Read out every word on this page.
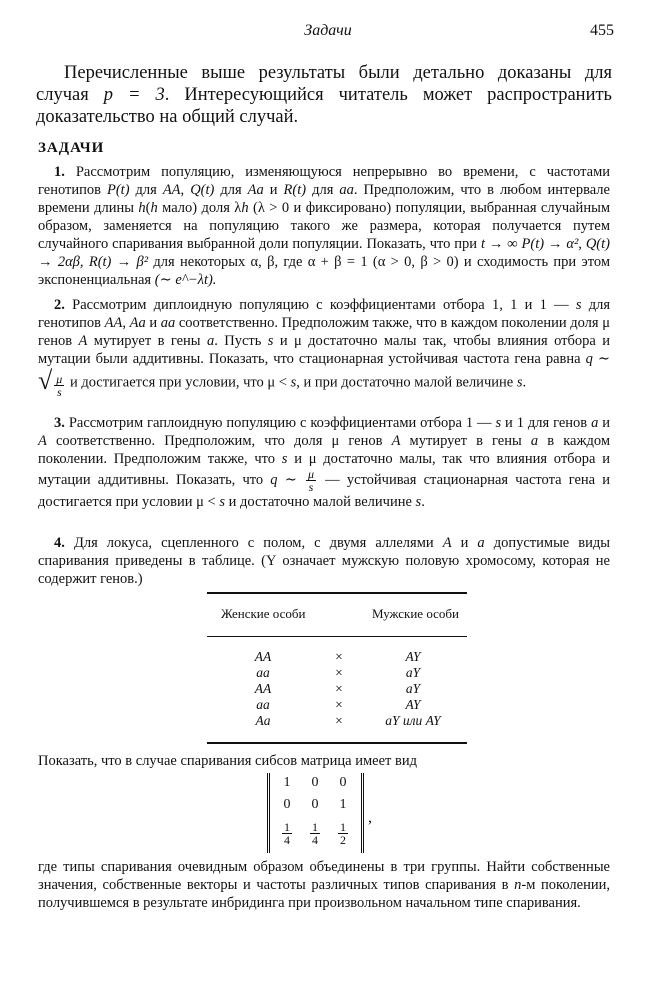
Задачи	455

Перечисленные выше результаты были детально доказаны для случая p = 3. Интересующийся читатель может распространить доказательство на общий случай.

ЗАДАЧИ

1. Рассмотрим популяцию, изменяющуюся непрерывно во времени, с частотами генотипов P(t) для AA, Q(t) для Aa и R(t) для aa. Предположим, что в любом интервале времени длины h(h мало) доля λh (λ > 0 и фиксировано) популяции, выбранная случайным образом, заменяется на популяцию такого же размера, которая получается путем случайного спаривания выбранной доли популяции. Показать, что при t → ∞ P(t) → α², Q(t) → 2αβ, R(t) → β² для некоторых α, β, где α + β = 1 (α > 0, β > 0) и сходимость при этом экспоненциальная (∼ e^−λt).

2. Рассмотрим диплоидную популяцию с коэффициентами отбора 1, 1 и 1 — s для генотипов AA, Aa и aa соответственно. Предположим также, что в каждом поколении доля μ генов A мутирует в гены a. Пусть s и μ достаточно малы так, чтобы влияния отбора и мутации были аддитивны. Показать, что стационарная устойчивая частота гена равна q ∼ √ $\frac{\mu}{s}$ и достигается при условии, что μ < s, и при достаточно малой величине s.

3. Рассмотрим гаплоидную популяцию с коэффициентами отбора 1 — s и 1 для генов a и A соответственно. Предположим, что доля μ генов A мутирует в гены a в каждом поколении. Предположим также, что s и μ достаточно малы, так что влияния отбора и мутации аддитивны. Показать, что q ∼ $\frac{\mu}{s}$ — устойчивая стационарная частота гена и достигается при условии μ < s и достаточно малой величине s.

4. Для локуса, сцепленного с полом, с двумя аллелями A и a допустимые виды спаривания приведены в таблице. (Y означает мужскую половую хромосому, которая не содержит генов.)

Женские особи		Мужские особи

AA	×	AY
aa	×	aY
AA	×	aY
aa	×	AY
Aa	×	aY или AY

Показать, что в случае спаривания сибсов матрица имеет вид

1	0	0
0	0	1
$\frac{1}{4} \frac{1}{4} \frac{1}{2}$
,

где типы спаривания очевидным образом объединены в три группы. Найти собственные значения, собственные векторы и частоты различных типов спаривания в n-м поколении, получившемся в результате инбридинга при произвольном начальном типе спаривания.
